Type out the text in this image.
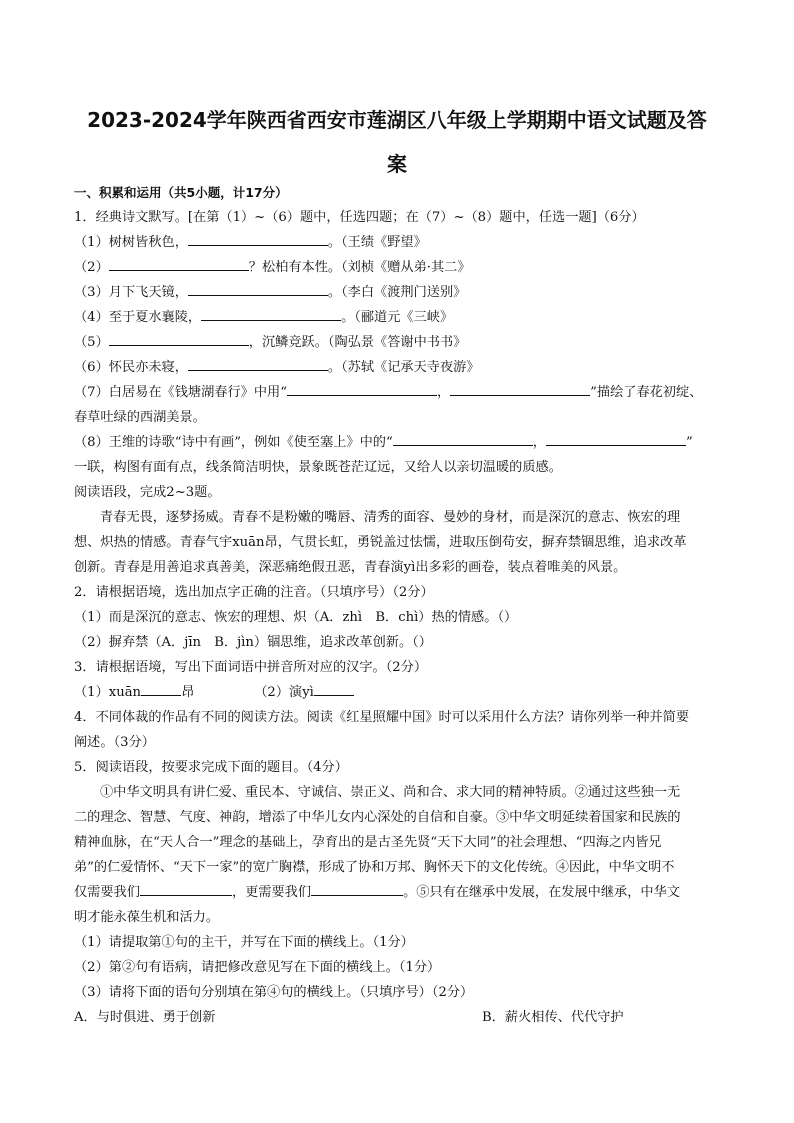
2023-2024学年陕西省西安市莲湖区八年级上学期期中语文试题及答
案
一、积累和运用（共5小题，计17分）
1．经典诗文默写。[在第（1）~（6）题中，任选四题；在（7）~（8）题中，任选一题]（6分）
（1）树树皆秋色，	。（王绩《野望》
（2）	？松柏有本性。（刘桢《赠从弟·其二》
（3）月下飞天镜，	。（李白《渡荆门送别》
（4）至于夏水襄陵，	。（郦道元《三峡》
（5）	，沉鳞竞跃。（陶弘景《答谢中书书》
（6）怀民亦未寝，	。（苏轼《记承天寺夜游》
（7）白居易在《钱塘湖春行》中用“	，	”描绘了春花初绽、
春草吐绿的西湖美景。
（8）王维的诗歌“诗中有画”，例如《使至塞上》中的“	，	”
一联，构图有面有点，线条简洁明快，景象既苍茫辽远，又给人以亲切温暖的质感。
阅读语段，完成2~3题。
青春无畏，逐梦扬威。青春不是粉嫩的嘴唇、清秀的面容、曼妙的身材，而是深沉的意志、恢宏的理
想、炽热的情感。青春气宇xuān昂，气贯长虹，勇锐盖过怯懦，进取压倒苟安，摒弃禁锢思维，追求改革
创新。青春是用善追求真善美，深恶痛绝假丑恶，青春演yì出多彩的画卷，装点着唯美的风景。
2．请根据语境，选出加点字正确的注音。（只填序号）（2分）
（1）而是深沉的意志、恢宏的理想、炽（A．zhì　B．chì）热的情感。（）
（2）摒弃禁（A．jīn　B．jìn）锢思维，追求改革创新。（）
3．请根据语境，写出下面词语中拼音所对应的汉字。（2分）
（1）xuān	昂	（2）演yì
4．不同体裁的作品有不同的阅读方法。阅读《红星照耀中国》时可以采用什么方法？请你列举一种并简要
阐述。（3分）
5．阅读语段，按要求完成下面的题目。（4分）
①中华文明具有讲仁爱、重民本、守诚信、崇正义、尚和合、求大同的精神特质。②通过这些独一无
二的理念、智慧、气度、神韵，增添了中华儿女内心深处的自信和自豪。③中华文明延续着国家和民族的
精神血脉，在“天人合一”理念的基础上，孕育出的是古圣先贤“天下大同”的社会理想、“四海之内皆兄
弟”的仁爱情怀、“天下一家”的宽广胸襟，形成了协和万邦、胸怀天下的文化传统。④因此，中华文明不
仅需要我们	，更需要我们	。⑤只有在继承中发展，在发展中继承，中华文
明才能永葆生机和活力。
（1）请提取第①句的主干，并写在下面的横线上。（1分）
（2）第②句有语病，请把修改意见写在下面的横线上。（1分）
（3）请将下面的语句分别填在第④句的横线上。（只填序号）（2分）
A．与时俱进、勇于创新	B．薪火相传、代代守护
